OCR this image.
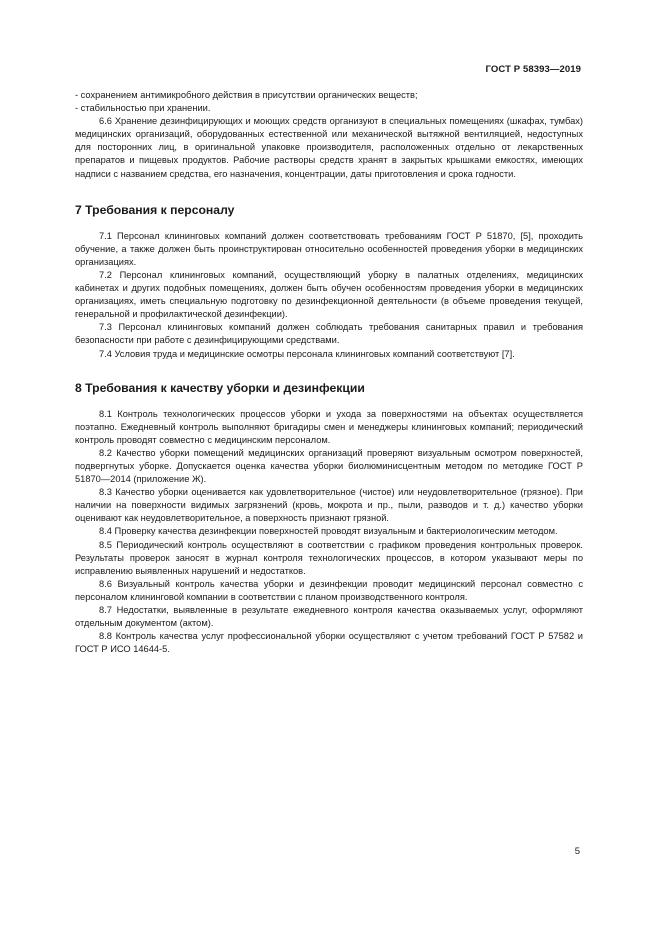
ГОСТ Р 58393—2019

- сохранением антимикробного действия в присутствии органических веществ;

- стабильностью при хранении.

6.6 Хранение дезинфицирующих и моющих средств организуют в специальных помещениях (шкафах, тумбах) медицинских организаций, оборудованных естественной или механической вытяжной вентиляцией, недоступных для посторонних лиц, в оригинальной упаковке производителя, расположенных отдельно от лекарственных препаратов и пищевых продуктов. Рабочие растворы средств хранят в закрытых крышками емкостях, имеющих надписи с названием средства, его назначения, концентрации, даты приготовления и срока годности.

7 Требования к персоналу

7.1 Персонал клининговых компаний должен соответствовать требованиям ГОСТ Р 51870, [5], проходить обучение, а также должен быть проинструктирован относительно особенностей проведения уборки в медицинских организациях.

7.2 Персонал клининговых компаний, осуществляющий уборку в палатных отделениях, медицинских кабинетах и других подобных помещениях, должен быть обучен особенностям проведения уборки в медицинских организациях, иметь специальную подготовку по дезинфекционной деятельности (в объеме проведения текущей, генеральной и профилактической дезинфекции).

7.3 Персонал клининговых компаний должен соблюдать требования санитарных правил и требования безопасности при работе с дезинфицирующими средствами.

7.4 Условия труда и медицинские осмотры персонала клининговых компаний соответствуют [7].

8 Требования к качеству уборки и дезинфекции

8.1 Контроль технологических процессов уборки и ухода за поверхностями на объектах осуществляется поэтапно. Ежедневный контроль выполняют бригадиры смен и менеджеры клининговых компаний; периодический контроль проводят совместно с медицинским персоналом.

8.2 Качество уборки помещений медицинских организаций проверяют визуальным осмотром поверхностей, подвергнутых уборке. Допускается оценка качества уборки биолюминисцентным методом по методике ГОСТ Р 51870—2014 (приложение Ж).

8.3 Качество уборки оценивается как удовлетворительное (чистое) или неудовлетворительное (грязное). При наличии на поверхности видимых загрязнений (кровь, мокрота и пр., пыли, разводов и т. д.) качество уборки оценивают как неудовлетворительное, а поверхность признают грязной.

8.4 Проверку качества дезинфекции поверхностей проводят визуальным и бактериологическим методом.

8.5 Периодический контроль осуществляют в соответствии с графиком проведения контрольных проверок. Результаты проверок заносят в журнал контроля технологических процессов, в котором указывают меры по исправлению выявленных нарушений и недостатков.

8.6 Визуальный контроль качества уборки и дезинфекции проводит медицинский персонал совместно с персоналом клининговой компании в соответствии с планом производственного контроля.

8.7 Недостатки, выявленные в результате ежедневного контроля качества оказываемых услуг, оформляют отдельным документом (актом).

8.8 Контроль качества услуг профессиональной уборки осуществляют с учетом требований ГОСТ Р 57582 и ГОСТ Р ИСО 14644-5.

5
